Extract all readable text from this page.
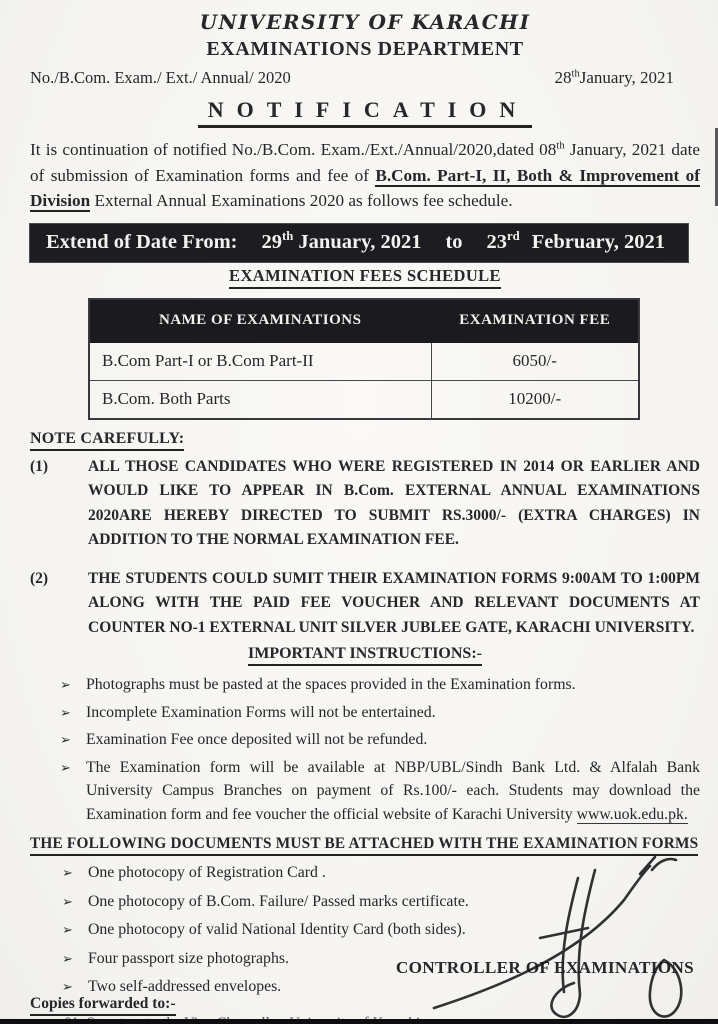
UNIVERSITY OF KARACHI
EXAMINATIONS DEPARTMENT
No./B.Com. Exam./ Ext./ Annual/ 2020	28thJanuary, 2021
NOTIFICATION
It is continuation of notified No./B.Com. Exam./Ext./Annual/2020,dated 08th January, 2021 date of submission of Examination forms and fee of B.Com. Part-I, II, Both & Improvement of Division External Annual Examinations 2020 as follows fee schedule.
Extend of Date From: 29th January, 2021 to 23rd February, 2021
EXAMINATION FEES SCHEDULE
NAME OF EXAMINATIONS	EXAMINATION FEE
B.Com Part-I or B.Com Part-II	6050/-
B.Com. Both Parts	10200/-
NOTE CAREFULLY:
(1)	ALL THOSE CANDIDATES WHO WERE REGISTERED IN 2014 OR EARLIER AND WOULD LIKE TO APPEAR IN B.Com. EXTERNAL ANNUAL EXAMINATIONS 2020ARE HEREBY DIRECTED TO SUBMIT RS.3000/- (EXTRA CHARGES) IN ADDITION TO THE NORMAL EXAMINATION FEE.
(2)	THE STUDENTS COULD SUMIT THEIR EXAMINATION FORMS 9:00AM TO 1:00PM ALONG WITH THE PAID FEE VOUCHER AND RELEVANT DOCUMENTS AT COUNTER NO-1 EXTERNAL UNIT SILVER JUBLEE GATE, KARACHI UNIVERSITY.
IMPORTANT INSTRUCTIONS:-
➢ Photographs must be pasted at the spaces provided in the Examination forms.
➢ Incomplete Examination Forms will not be entertained.
➢ Examination Fee once deposited will not be refunded.
➢ The Examination form will be available at NBP/UBL/Sindh Bank Ltd. & Alfalah Bank University Campus Branches on payment of Rs.100/- each. Students may download the Examination form and fee voucher the official website of Karachi University www.uok.edu.pk.
THE FOLLOWING DOCUMENTS MUST BE ATTACHED WITH THE EXAMINATION FORMS
➢ One photocopy of Registration Card .
➢ One photocopy of B.Com. Failure/ Passed marks certificate.
➢ One photocopy of valid National Identity Card (both sides).
➢ Four passport size photographs.
➢ Two self-addressed envelopes.
CONTROLLER OF EXAMINATIONS
Copies forwarded to:-
